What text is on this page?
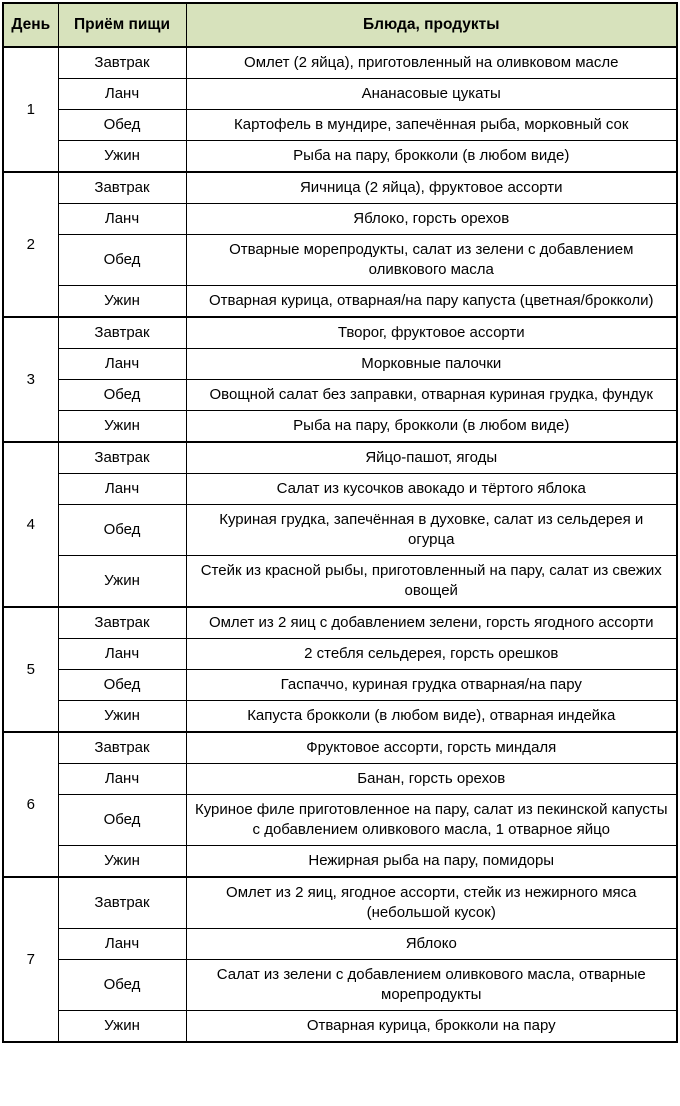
День	Приём пищи	Блюда, продукты
1	Завтрак	Омлет (2 яйца), приготовленный на оливковом масле
	Ланч	Ананасовые цукаты
	Обед	Картофель в мундире, запечённая рыба, морковный сок
	Ужин	Рыба на пару, брокколи (в любом виде)
2	Завтрак	Яичница (2 яйца), фруктовое ассорти
	Ланч	Яблоко, горсть орехов
	Обед	Отварные морепродукты, салат из зелени с добавлением оливкового масла
	Ужин	Отварная курица, отварная/на пару капуста (цветная/брокколи)
3	Завтрак	Творог, фруктовое ассорти
	Ланч	Морковные палочки
	Обед	Овощной салат без заправки, отварная куриная грудка, фундук
	Ужин	Рыба на пару, брокколи (в любом виде)
4	Завтрак	Яйцо-пашот, ягоды
	Ланч	Салат из кусочков авокадо и тёртого яблока
	Обед	Куриная грудка, запечённая в духовке, салат из сельдерея и огурца
	Ужин	Стейк из красной рыбы, приготовленный на пару, салат из свежих овощей
5	Завтрак	Омлет из 2 яиц с добавлением зелени, горсть ягодного ассорти
	Ланч	2 стебля сельдерея, горсть орешков
	Обед	Гаспаччо, куриная грудка отварная/на пару
	Ужин	Капуста брокколи (в любом виде), отварная индейка
6	Завтрак	Фруктовое ассорти, горсть миндаля
	Ланч	Банан, горсть орехов
	Обед	Куриное филе приготовленное на пару, салат из пекинской капусты с добавлением оливкового масла, 1 отварное яйцо
	Ужин	Нежирная рыба на пару, помидоры
7	Завтрак	Омлет из 2 яиц, ягодное ассорти, стейк из нежирного мяса (небольшой кусок)
	Ланч	Яблоко
	Обед	Салат из зелени с добавлением оливкового масла, отварные морепродукты
	Ужин	Отварная курица, брокколи на пару
